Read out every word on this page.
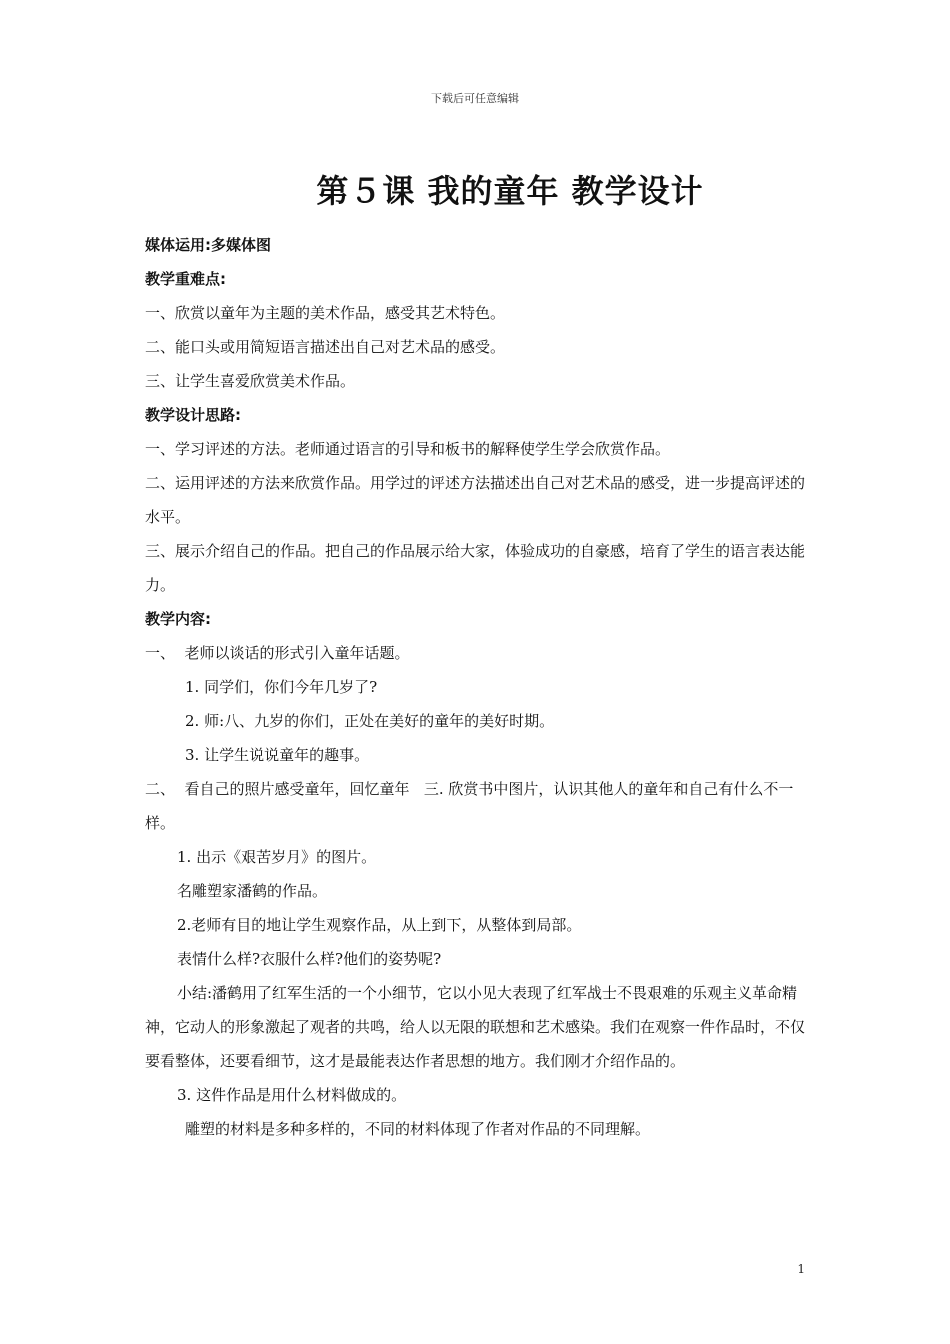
下载后可任意编辑
第５课 我的童年 教学设计

媒体运用:多媒体图

教学重难点:

一、欣赏以童年为主题的美术作品，感受其艺术特色。

二、能口头或用简短语言描述出自己对艺术品的感受。

三、让学生喜爱欣赏美术作品。

教学设计思路:

一、学习评述的方法。老师通过语言的引导和板书的解释使学生学会欣赏作品。

二、运用评述的方法来欣赏作品。用学过的评述方法描述出自己对艺术品的感受，进一步提高评述的水平。

三、展示介绍自己的作品。把自己的作品展示给大家，体验成功的自豪感，培育了学生的语言表达能力。

教学内容:

一、  老师以谈话的形式引入童年话题。

1. 同学们，你们今年几岁了?

2. 师:八、九岁的你们，正处在美好的童年的美好时期。

3. 让学生说说童年的趣事。

二、  看自己的照片感受童年，回忆童年   三. 欣赏书中图片，认识其他人的童年和自己有什么不一样。

1. 出示《艰苦岁月》的图片。

名雕塑家潘鹤的作品。

2.老师有目的地让学生观察作品，从上到下，从整体到局部。

表情什么样?衣服什么样?他们的姿势呢?

小结:潘鹤用了红军生活的一个小细节，它以小见大表现了红军战士不畏艰难的乐观主义革命精神，它动人的形象激起了观者的共鸣，给人以无限的联想和艺术感染。我们在观察一件作品时，不仅要看整体，还要看细节，这才是最能表达作者思想的地方。我们刚才介绍作品的。

3. 这件作品是用什么材料做成的。

雕塑的材料是多种多样的，不同的材料体现了作者对作品的不同理解。

1
